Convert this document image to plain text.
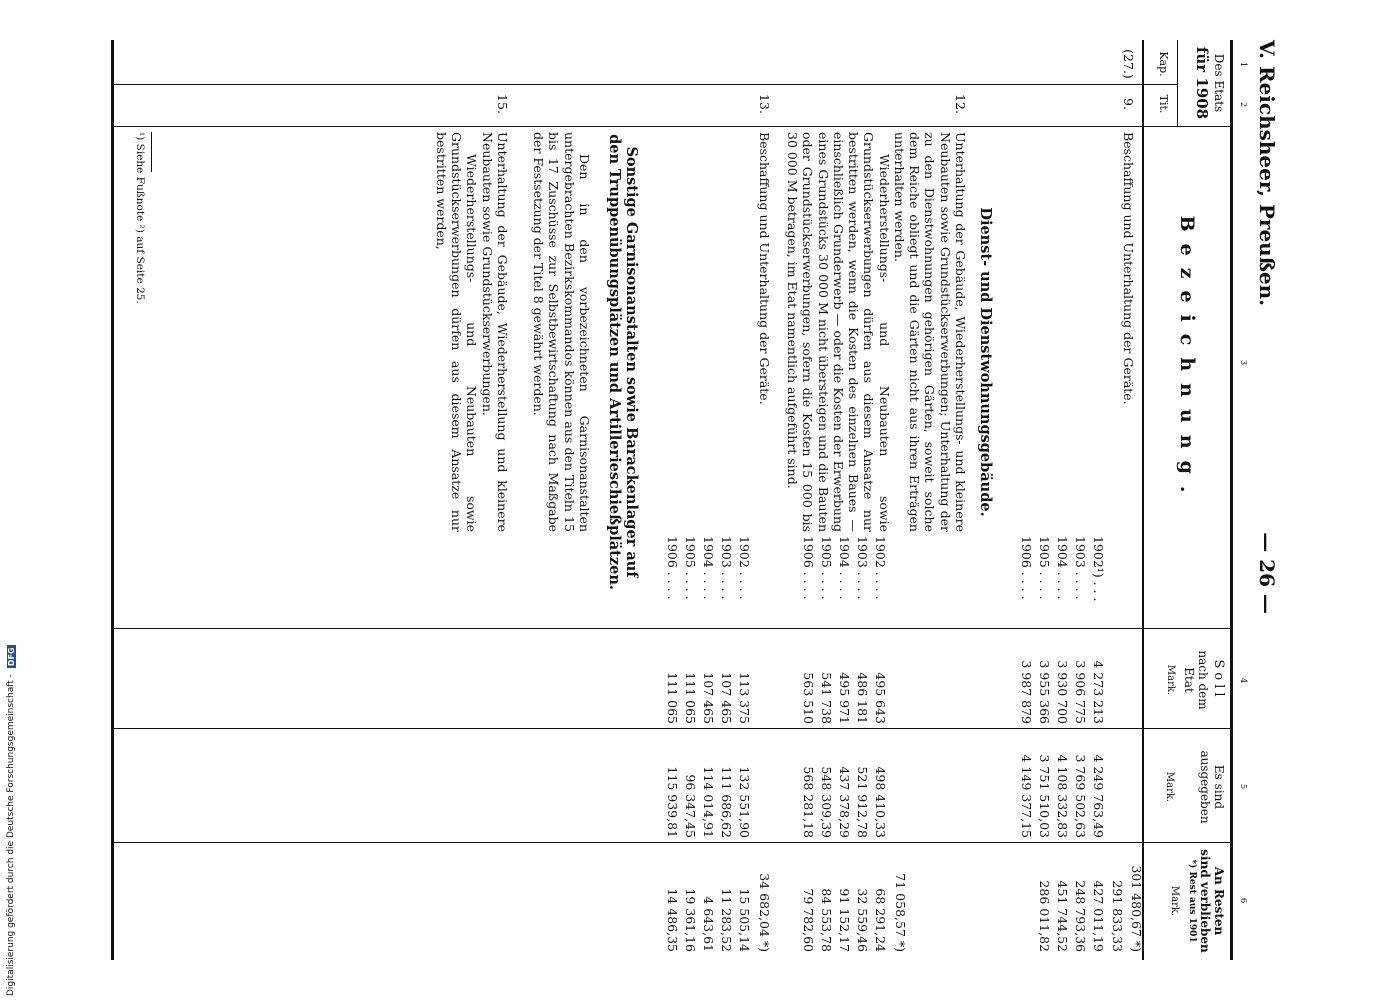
Digitalisierung gefördert durch die Deutsche Forschungsgemeinschaft -
DFG
V. Reichsheer, Preußen.
— 26 —
1
2
3
4
5
6
Des Etats
für 1908
Kap.
Tit.
Bezeichnung.
Soll
nach dem
Etat
Mark.
Es sind
ausgegeben
Mark.
An Resten
sind verblieben
*) Rest aus 1901
Mark.
(27.)
9.
Beschaffung und Unterhaltung der Geräte.
1902¹) . . .
4 273 213
4 249 763,49
301 480,67 *)
1903 . . . .
3 906 775
3 769 502,63
291 833,33
1904 . . . .
3 930 700
4 108 332,83
427 011,19
1905 . . . .
3 955 366
3 751 510,03
248 793,36
1906 . . . .
3 987 879
4 149 377,15
451 744,52
286 011,82
12.
Dienst- und Dienstwohnungsgebäude.
Unterhaltung der Gebäude, Wiederherstellungs- und kleinere Neubauten sowie Grundstückserwerbungen; Unterhaltung der zu den Dienstwohnungen gehörigen Gärten, soweit solche dem Reiche obliegt und die Gärten nicht aus ihren Erträgen unterhalten werden.
Wiederherstellungs- und Neubauten sowie Grundstückserwerbungen dürfen aus diesem Ansatze nur bestritten werden, wenn die Kosten des einzelnen Baues — einschließlich Grunderwerb — oder die Kosten der Erwerbung eines Grundstücks 30 000 M nicht übersteigen und die Bauten oder Grundstückserwerbungen, sofern die Kosten 15 000 bis 30 000 M betragen, im Etat namentlich aufgeführt sind.
71 058,57 *)
1902 . . . .
495 643
498 410,33
68 291,24
1903 . . . .
486 181
521 912,78
32 559,46
1904 . . . .
495 971
437 378,29
91 152,17
1905 . . . .
541 738
548 309,39
84 553,78
1906 . . . .
563 510
568 281,18
79 782,60
13.
Beschaffung und Unterhaltung der Geräte.
34 682,04 *)
1902 . . . .
113 375
132 551,90
15 505,14
1903 . . . .
107 465
111 686,62
11 283,52
1904 . . . .
107 465
114 014,91
4 643,61
1905 . . . .
111 065
96 347,45
19 361,16
1906 . . . .
111 065
115 939,81
14 486,35
Sonstige Garnisonanstalten sowie Barackenlager auf den Truppenübungsplätzen und Artillerieschießplätzen.
Den in den vorbezeichneten Garnisonanstalten untergebrachten Bezirkskommandos können aus den Titeln 15 bis 17 Zuschüsse zur Selbstbewirtschaftung nach Maßgabe der Festsetzung der Titel 8 gewährt werden.
15.
Unterhaltung der Gebäude, Wiederherstellung und kleinere Neubauten sowie Grundstückserwerbungen.
Wiederherstellungs- und Neubauten sowie Grundstückserwerbungen dürfen aus diesem Ansatze nur bestritten werden,
¹) Siehe Fußnote ²) auf Seite 25.
